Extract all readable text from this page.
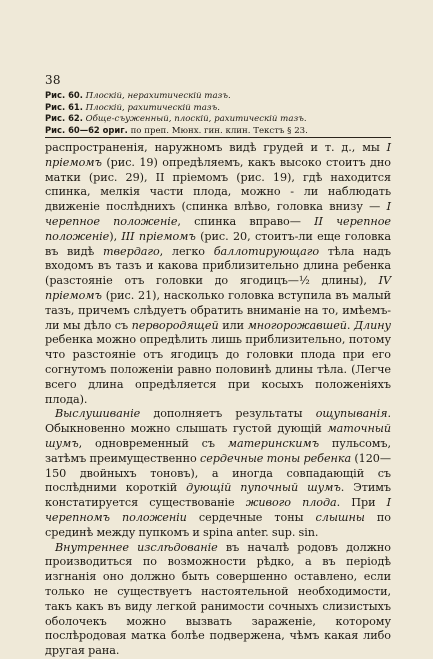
38
Рис. 60. Плоскій, нерахитическій тазъ.
Рис. 61. Плоскій, рахитическій тазъ.
Рис. 62. Обще-съуженный, плоскій, рахитическій тазъ.
Рис. 60—62 ориг. по преп. Мюнх. гин. клин. Текстъ § 23.

распространенія, наружномъ видѣ грудей и т. д., мы I пріемомъ (рис. 19) опредѣляемъ, какъ высоко стоитъ дно матки (рис. 29), II пріемомъ (рис. 19), гдѣ находится спинка, мелкія части плода, можно - ли наблюдать движеніе послѣднихъ (спинка влѣво, головка внизу — I черепное положеніе, спинка вправо— II черепное положеніе), III пріемомъ (рис. 20, стоитъ-ли еще головка въ видѣ твердаго, легко баллотирующаго тѣла надъ входомъ въ тазъ и какова приблизительно длина ребенка (разстояніе отъ головки до ягодицъ—½ длины), IV пріемомъ (рис. 21), насколько головка вступила въ малый тазъ, причемъ слѣдуетъ обратить вниманіе на то, имѣемъ-ли мы дѣло съ первородящей или многорожавшей. Длину ребенка можно опредѣлить лишь приблизительно, потому что разстояніе отъ ягодицъ до головки плода при его согнутомъ положеніи равно половинѣ длины тѣла. (Легче всего длина опредѣляется при косыхъ положеніяхъ плода).

Выслушиваніе дополняетъ результаты ощупыванія. Обыкновенно можно слышать густой дующій маточный шумъ, одновременный съ материнскимъ пульсомъ, затѣмъ преимущественно сердечные тоны ребенка (120—150 двойныхъ тоновъ), а иногда совпадающій съ послѣдними короткій дующій пупочный шумъ. Этимъ констатируется существованіе живого плода. При I черепномъ положеніи сердечные тоны слышны по срединѣ между пупкомъ и spina anter. sup. sin.

Внутреннее изслѣдованіе въ началѣ родовъ должно производиться по возможности рѣдко, а въ періодѣ изгнанія оно должно быть совершенно оставлено, если только не существуетъ настоятельной необходимости, такъ какъ въ виду легкой ранимости сочныхъ слизистыхъ оболочекъ можно вызвать зараженіе, которому послѣродовая матка болѣе подвержена, чѣмъ какая либо другая рана.
